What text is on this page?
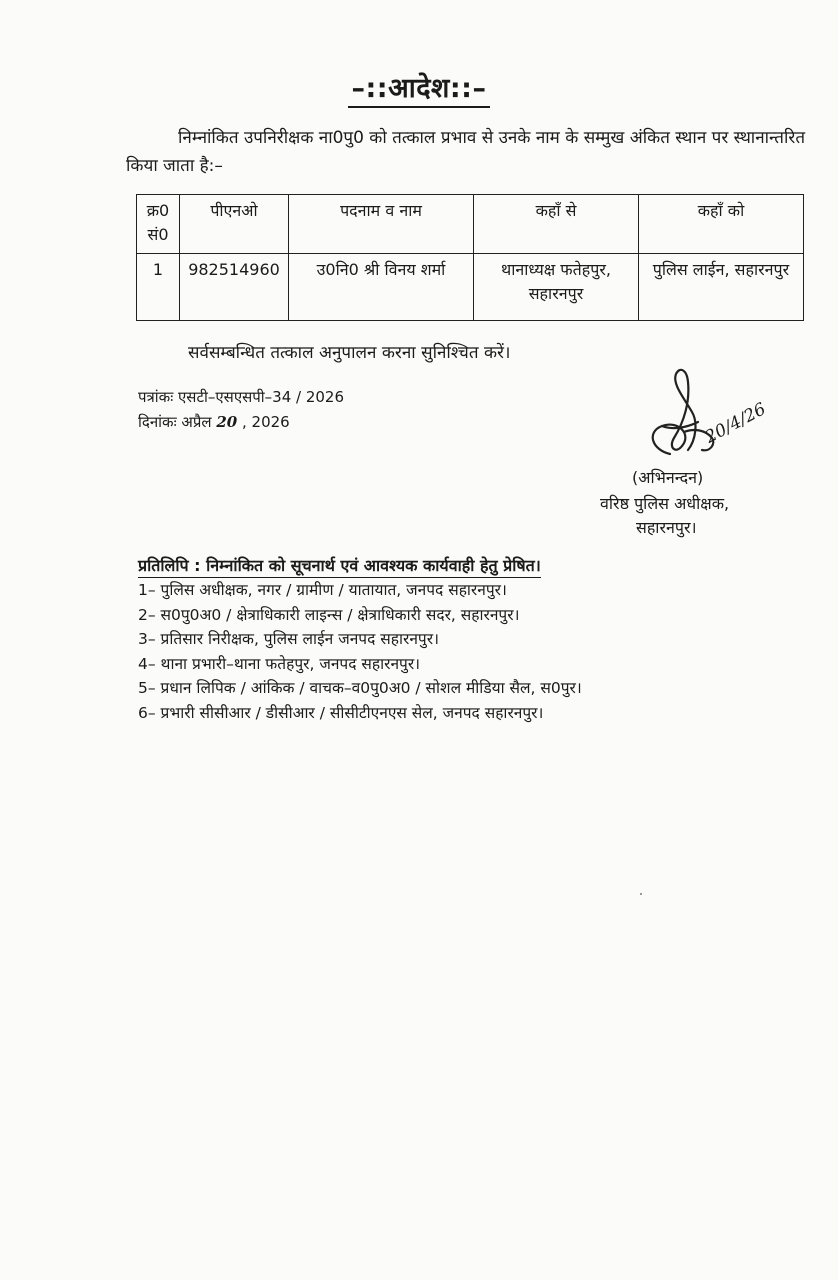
–::आदेश::–
निम्नांकित उपनिरीक्षक ना0पु0 को तत्काल प्रभाव से उनके नाम के सम्मुख अंकित स्थान पर स्थानान्तरित किया जाता है:–
क्र0 सं0	पीएनओ	पदनाम व नाम	कहाँ से	कहाँ को
1	982514960	उ0नि0 श्री विनय शर्मा	थानाध्यक्ष फतेहपुर, सहारनपुर	पुलिस लाईन, सहारनपुर
सर्वसम्बन्धित तत्काल अनुपालन करना सुनिश्चित करें।
पत्रांकः एसटी–एसएसपी–34 / 2026
दिनांकः अप्रैल 20 , 2026	20/4/26
(अभिनन्दन)
वरिष्ठ पुलिस अधीक्षक,
सहारनपुर।
प्रतिलिपि : निम्नांकित को सूचनार्थ एवं आवश्यक कार्यवाही हेतु प्रेषित।
1– पुलिस अधीक्षक, नगर / ग्रामीण / यातायात, जनपद सहारनपुर।
2– स0पु0अ0 / क्षेत्राधिकारी लाइन्स / क्षेत्राधिकारी सदर, सहारनपुर।
3– प्रतिसार निरीक्षक, पुलिस लाईन जनपद सहारनपुर।
4– थाना प्रभारी–थाना फतेहपुर, जनपद सहारनपुर।
5– प्रधान लिपिक / आंकिक / वाचक–व0पु0अ0 / सोशल मीडिया सैल, स0पुर।
6– प्रभारी सीसीआर / डीसीआर / सीसीटीएनएस सेल, जनपद सहारनपुर।
